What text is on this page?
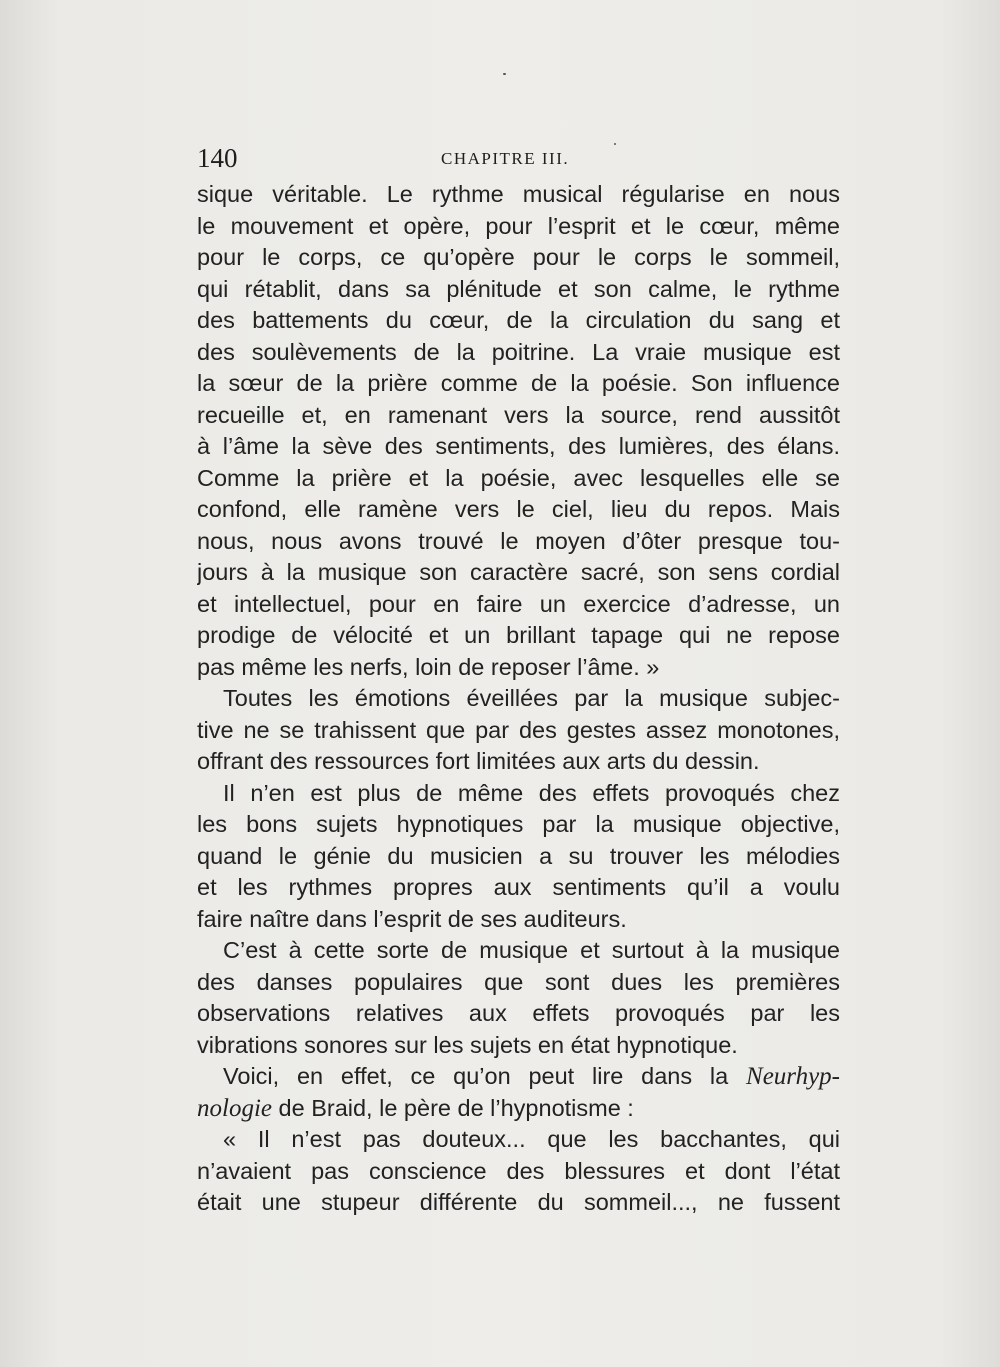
140	CHAPITRE III.
sique véritable. Le rythme musical régularise en nous
le mouvement et opère, pour l’esprit et le cœur, même
pour le corps, ce qu’opère pour le corps le sommeil,
qui rétablit, dans sa plénitude et son calme, le rythme
des battements du cœur, de la circulation du sang et
des soulèvements de la poitrine. La vraie musique est
la sœur de la prière comme de la poésie. Son influence
recueille et, en ramenant vers la source, rend aussitôt
à l’âme la sève des sentiments, des lumières, des élans.
Comme la prière et la poésie, avec lesquelles elle se
confond, elle ramène vers le ciel, lieu du repos. Mais
nous, nous avons trouvé le moyen d’ôter presque tou-
jours à la musique son caractère sacré, son sens cordial
et intellectuel, pour en faire un exercice d’adresse, un
prodige de vélocité et un brillant tapage qui ne repose
pas même les nerfs, loin de reposer l’âme. »
Toutes les émotions éveillées par la musique subjec-
tive ne se trahissent que par des gestes assez monotones,
offrant des ressources fort limitées aux arts du dessin.
Il n’en est plus de même des effets provoqués chez
les bons sujets hypnotiques par la musique objective,
quand le génie du musicien a su trouver les mélodies
et les rythmes propres aux sentiments qu’il a voulu
faire naître dans l’esprit de ses auditeurs.
C’est à cette sorte de musique et surtout à la musique
des danses populaires que sont dues les premières
observations relatives aux effets provoqués par les
vibrations sonores sur les sujets en état hypnotique.
Voici, en effet, ce qu’on peut lire dans la Neurhyp-
nologie de Braid, le père de l’hypnotisme :
« Il n’est pas douteux... que les bacchantes, qui
n’avaient pas conscience des blessures et dont l’état
était une stupeur différente du sommeil..., ne fussent
